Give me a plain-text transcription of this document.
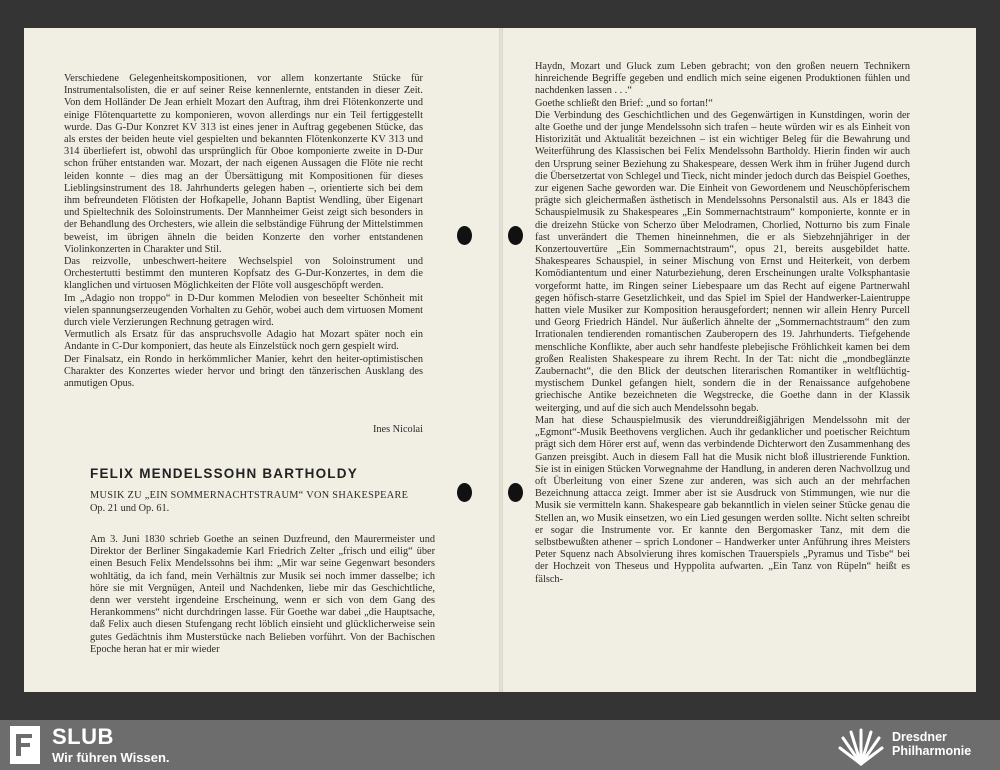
Verschiedene Gelegenheitskompositionen, vor allem konzertante Stücke für Instrumentalsolisten, die er auf seiner Reise kennenlernte, entstanden in dieser Zeit. Von dem Holländer De Jean erhielt Mozart den Auftrag, ihm drei Flötenkonzerte und einige Flötenquartette zu komponieren, wovon allerdings nur ein Teil fertiggestellt wurde. Das G-Dur Konzret KV 313 ist eines jener in Auftrag gegebenen Stücke, das als erstes der beiden heute viel gespielten und bekannten Flötenkonzerte KV 313 und 314 überliefert ist, obwohl das ursprünglich für Oboe komponierte zweite in D-Dur schon früher entstanden war. Mozart, der nach eigenen Aussagen die Flöte nie recht leiden konnte – dies mag an der Übersättigung mit Kompositionen für dieses Lieblingsinstrument des 18. Jahrhunderts gelegen haben –, orientierte sich bei dem ihm befreundeten Flötisten der Hofkapelle, Johann Baptist Wendling, über Eigenart und Spieltechnik des Soloinstruments. Der Mannheimer Geist zeigt sich besonders in der Behandlung des Orchesters, wie allein die selbständige Führung der Mittelstimmen beweist, im übrigen ähneln die beiden Konzerte den vorher entstandenen Violinkonzerten in Charakter und Stil.

Das reizvolle, unbeschwert-heitere Wechselspiel von Soloinstrument und Orchestertutti bestimmt den munteren Kopfsatz des G-Dur-Konzertes, in dem die klanglichen und virtuosen Möglichkeiten der Flöte voll ausgeschöpft werden.

Im „Adagio non troppo“ in D-Dur kommen Melodien von beseelter Schönheit mit vielen spannungserzeugenden Vorhalten zu Gehör, wobei auch dem virtuosen Moment durch viele Verzierungen Rechnung getragen wird.

Vermutlich als Ersatz für das anspruchsvolle Adagio hat Mozart später noch ein Andante in C-Dur komponiert, das heute als Einzelstück noch gern gespielt wird.

Der Finalsatz, ein Rondo in herkömmlicher Manier, kehrt den heiter-optimistischen Charakter des Konzertes wieder hervor und bringt den tänzerischen Ausklang des anmutigen Opus.

Ines Nicolai
FELIX MENDELSSOHN BARTHOLDY
MUSIK ZU „EIN SOMMERNACHTSTRAUM“ VON SHAKESPEARE
Op. 21 und Op. 61.

Am 3. Juni 1830 schrieb Goethe an seinen Duzfreund, den Maurermeister und Direktor der Berliner Singakademie Karl Friedrich Zelter „frisch und eilig“ über einen Besuch Felix Mendelssohns bei ihm: „Mir war seine Gegenwart besonders wohltätig, da ich fand, mein Verhältnis zur Musik sei noch immer dasselbe; ich höre sie mit Vergnügen, Anteil und Nachdenken, liebe mir das Geschichtliche, denn wer versteht irgendeine Erscheinung, wenn er sich von dem Gang des Herankommens“ nicht durchdringen lasse. Für Goethe war dabei „die Hauptsache, daß Felix auch diesen Stufengang recht löblich einsieht und glücklicherweise sein gutes Gedächtnis ihm Musterstücke nach Belieben vorführt. Von der Bachischen Epoche heran hat er mir wieder

Haydn, Mozart und Gluck zum Leben gebracht; von den großen neuern Technikern hinreichende Begriffe gegeben und endlich mich seine eigenen Produktionen fühlen und nachdenken lassen . . .“

Goethe schließt den Brief: „und so fortan!“

Die Verbindung des Geschichtlichen und des Gegenwärtigen in Kunstdingen, worin der alte Goethe und der junge Mendelssohn sich trafen – heute würden wir es als Einheit von Historizität und Aktualität bezeichnen – ist ein wichtiger Beleg für die Bewahrung und Weiterführung des Klassischen bei Felix Mendelssohn Bartholdy. Hierin finden wir auch den Ursprung seiner Beziehung zu Shakespeare, dessen Werk ihm in früher Jugend durch die Übersetzertat von Schlegel und Tieck, nicht minder jedoch durch das Beispiel Goethes, zur eigenen Sache geworden war. Die Einheit von Gewordenem und Neuschöpferischem prägte sich gleichermaßen ästhetisch in Mendelssohns Personalstil aus. Als er 1843 die Schauspielmusik zu Shakespeares „Ein Sommernachtstraum“ komponierte, konnte er in die dreizehn Stücke von Scherzo über Melodramen, Chorlied, Notturno bis zum Finale fast unverändert die Themen hineinnehmen, die er als Siebzehnjähriger in der Konzertouvertüre „Ein Sommernachtstraum“, opus 21, bereits ausgebildet hatte. Shakespeares Schauspiel, in seiner Mischung von Ernst und Heiterkeit, von derbem Komödiantentum und einer Naturbeziehung, deren Erscheinungen uralte Volksphantasie vorgeformt hatte, im Ringen seiner Liebespaare um das Recht auf eigene Partnerwahl gegen höfisch-starre Gesetzlichkeit, und das Spiel im Spiel der Handwerker-Laientruppe hatten viele Musiker zur Komposition herausgefordert; nennen wir allein Henry Purcell und Georg Friedrich Händel. Nur äußerlich ähnelte der „Sommernachtstraum“ den zum Irrationalen tendierenden romantischen Zauberopern des 19. Jahrhunderts. Tiefgehende menschliche Konflikte, aber auch sehr handfeste plebejische Fröhlichkeit kamen bei dem großen Realisten Shakespeare zu ihrem Recht. In der Tat: nicht die „mondbeglänzte Zaubernacht“, die den Blick der deutschen literarischen Romantiker in weltflüchtig-mystischem Dunkel gefangen hielt, sondern die in der Renaissance aufgehobene griechische Antike bezeichneten die Wegstrecke, die Goethe dann in der Klassik weiterging, und auf die sich auch Mendelssohn begab.

Man hat diese Schauspielmusik des vierunddreißigjährigen Mendelssohn mit der „Egmont“-Musik Beethovens verglichen. Auch ihr gedanklicher und poetischer Reichtum prägt sich dem Hörer erst auf, wenn das verbindende Dichterwort den Zusammenhang des Ganzen preisgibt. Auch in diesem Fall hat die Musik nicht bloß illustrierende Funktion. Sie ist in einigen Stücken Vorwegnahme der Handlung, in anderen deren Nachvollzug und oft Überleitung von einer Szene zur anderen, was sich auch an der mehrfachen Bezeichnung attacca zeigt. Immer aber ist sie Ausdruck von Stimmungen, wie nur die Musik sie vermitteln kann. Shakespeare gab bekanntlich in vielen seiner Stücke genau die Stellen an, wo Musik einsetzen, wo ein Lied gesungen werden sollte. Nicht selten schreibt er sogar die Instrumente vor. Er kannte den Bergomasker Tanz, mit dem die selbstbewußten athener – sprich Londoner – Handwerker unter Anführung ihres Meisters Peter Squenz nach Absolvierung ihres komischen Trauerspiels „Pyramus und Tisbe“ bei der Hochzeit von Theseus und Hyppolita aufwarten. „Ein Tanz von Rüpeln“ heißt es fälsch-

SLUB
Wir führen Wissen.
Dresdner
Philharmonie
